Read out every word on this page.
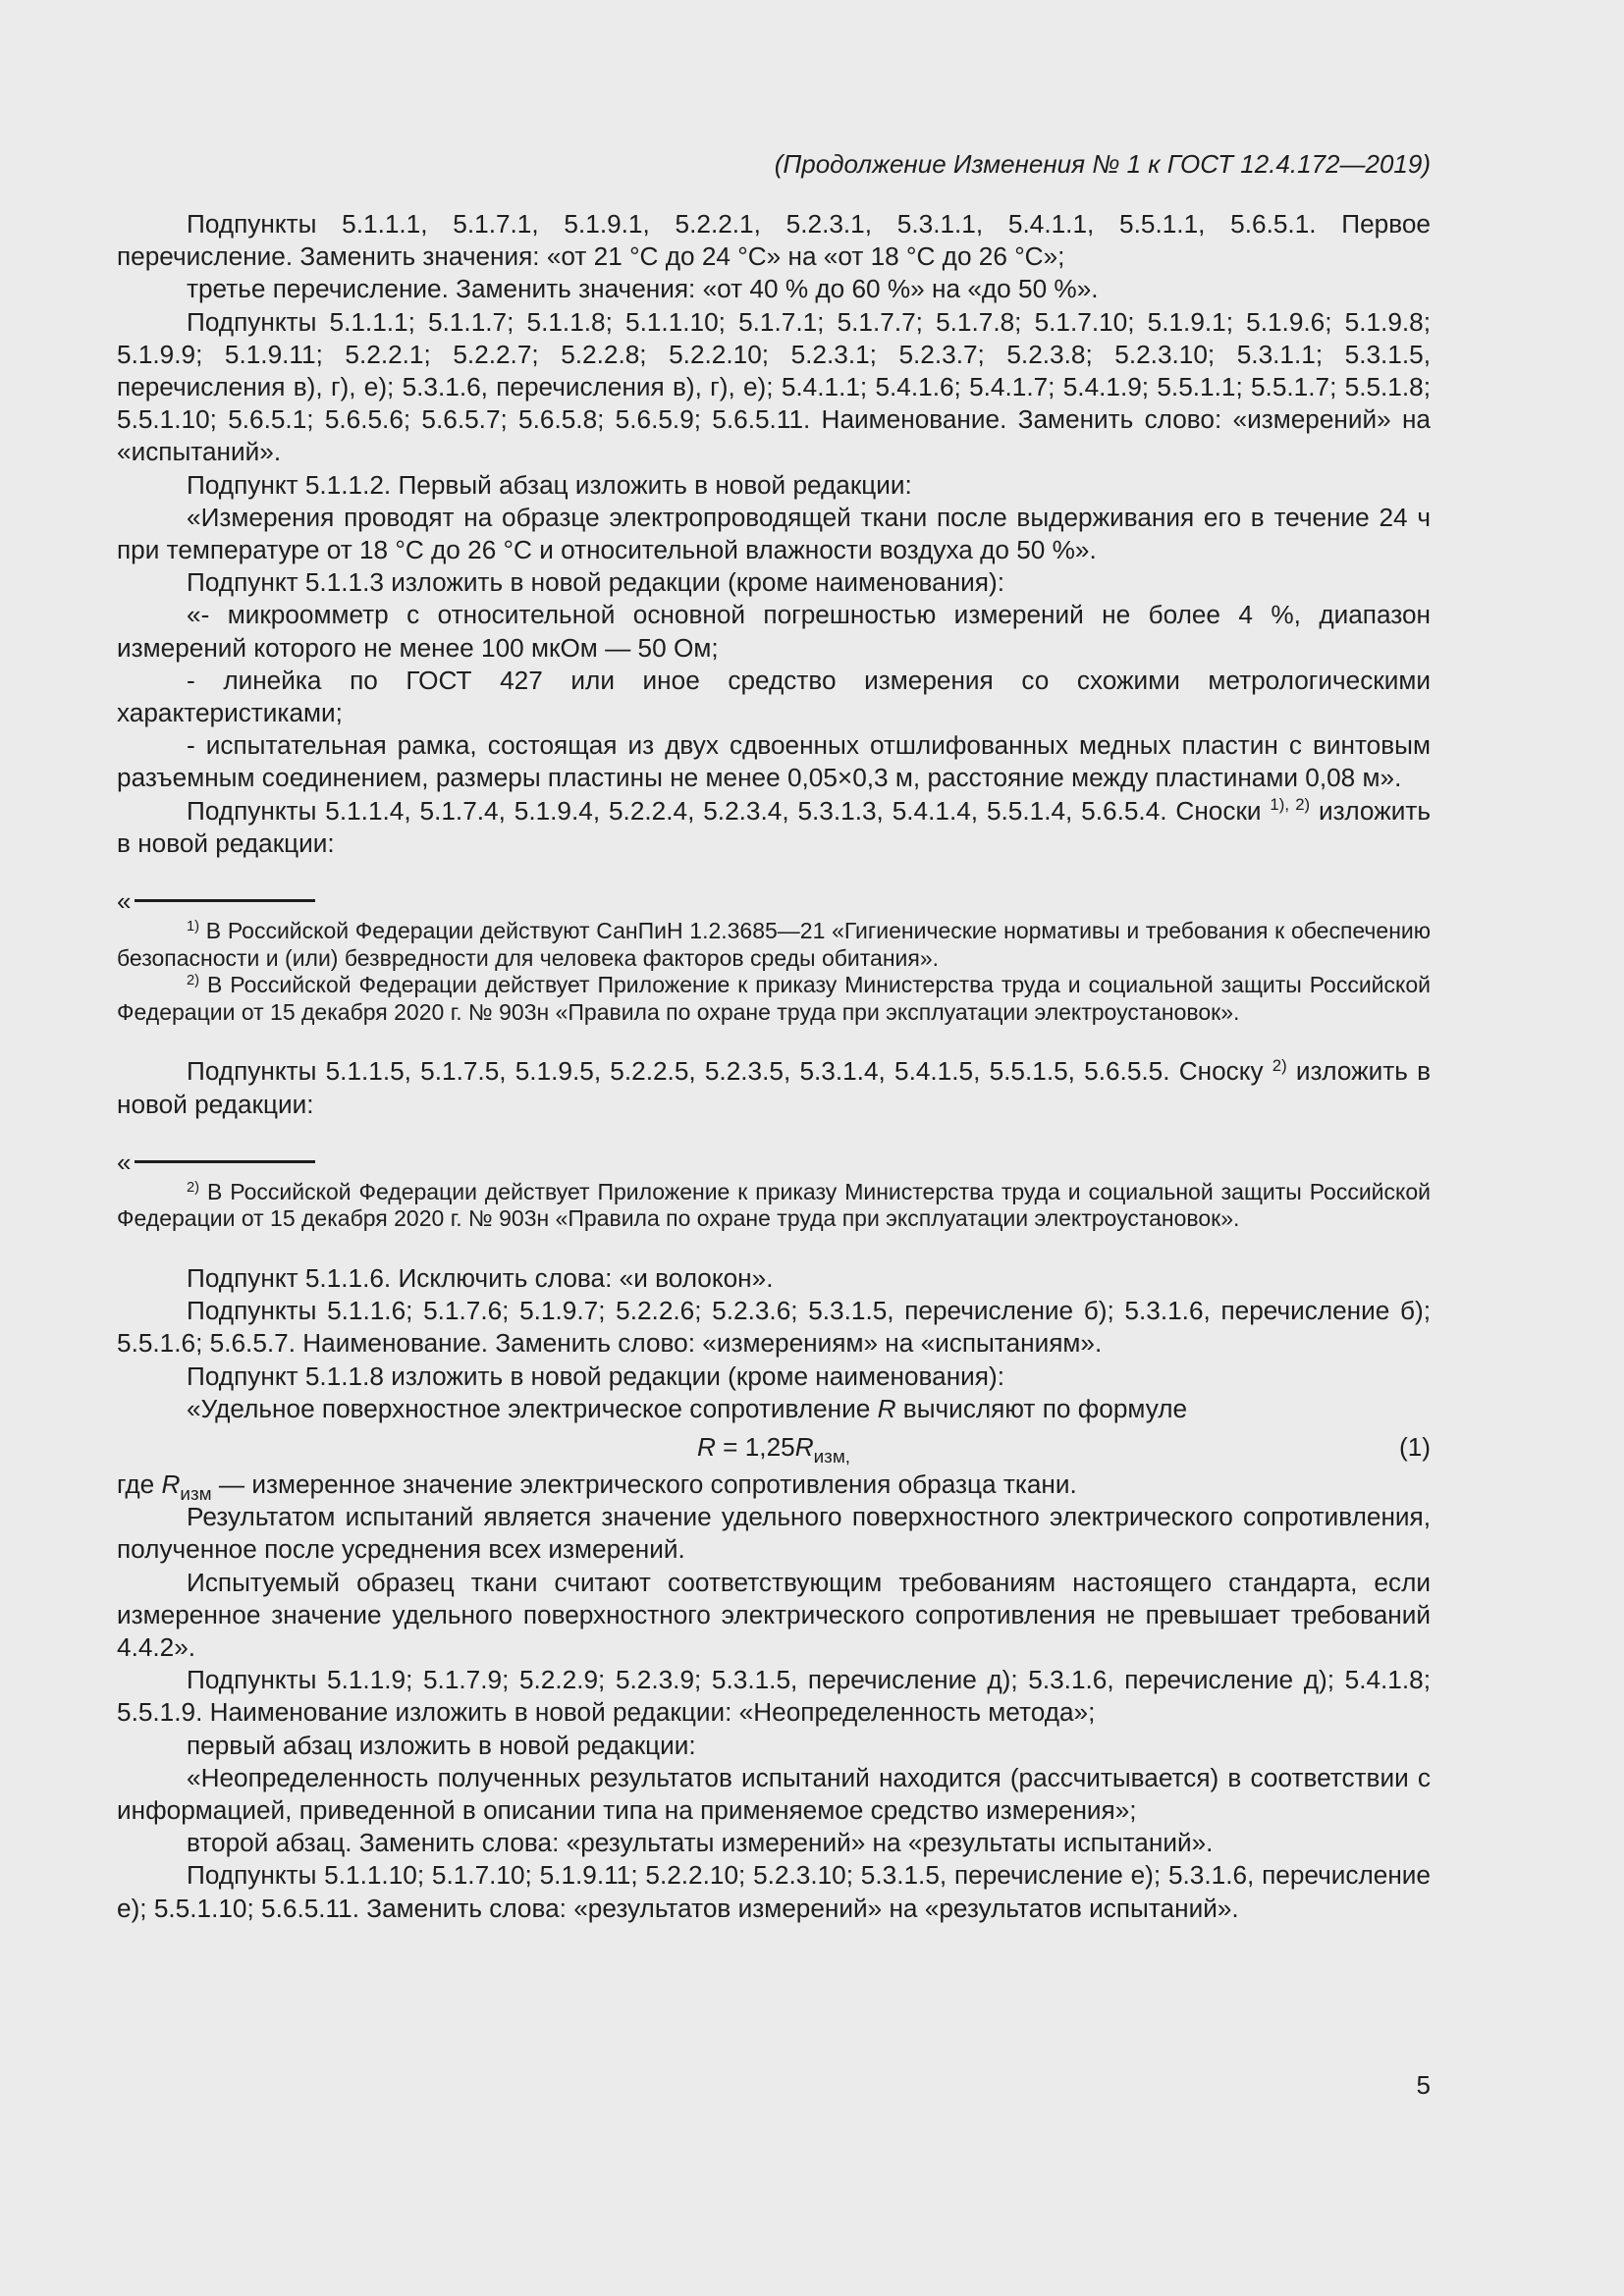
(Продолжение Изменения № 1 к ГОСТ 12.4.172—2019)

Подпункты 5.1.1.1, 5.1.7.1, 5.1.9.1, 5.2.2.1, 5.2.3.1, 5.3.1.1, 5.4.1.1, 5.5.1.1, 5.6.5.1. Первое перечисление. Заменить значения: «от 21 °С до 24 °С» на «от 18 °С до 26 °С»;

третье перечисление. Заменить значения: «от 40 % до 60 %» на «до 50 %».

Подпункты 5.1.1.1; 5.1.1.7; 5.1.1.8; 5.1.1.10; 5.1.7.1; 5.1.7.7; 5.1.7.8; 5.1.7.10; 5.1.9.1; 5.1.9.6; 5.1.9.8; 5.1.9.9; 5.1.9.11; 5.2.2.1; 5.2.2.7; 5.2.2.8; 5.2.2.10; 5.2.3.1; 5.2.3.7; 5.2.3.8; 5.2.3.10; 5.3.1.1; 5.3.1.5, перечисления в), г), е); 5.3.1.6, перечисления в), г), е); 5.4.1.1; 5.4.1.6; 5.4.1.7; 5.4.1.9; 5.5.1.1; 5.5.1.7; 5.5.1.8; 5.5.1.10; 5.6.5.1; 5.6.5.6; 5.6.5.7; 5.6.5.8; 5.6.5.9; 5.6.5.11. Наименование. Заменить слово: «измерений» на «испытаний».

Подпункт 5.1.1.2. Первый абзац изложить в новой редакции:

«Измерения проводят на образце электропроводящей ткани после выдерживания его в течение 24 ч при температуре от 18 °С до 26 °С и относительной влажности воздуха до 50 %».

Подпункт 5.1.1.3 изложить в новой редакции (кроме наименования):

«- микроомметр с относительной основной погрешностью измерений не более 4 %, диапазон измерений которого не менее 100 мкОм — 50 Ом;

- линейка по ГОСТ 427 или иное средство измерения со схожими метрологическими характеристиками;

- испытательная рамка, состоящая из двух сдвоенных отшлифованных медных пластин с винтовым разъемным соединением, размеры пластины не менее 0,05×0,3 м, расстояние между пластинами 0,08 м».

Подпункты 5.1.1.4, 5.1.7.4, 5.1.9.4, 5.2.2.4, 5.2.3.4, 5.3.1.3, 5.4.1.4, 5.5.1.4, 5.6.5.4. Сноски $^{1), 2)}$ изложить в новой редакции:

«

$^{1)}$ В Российской Федерации действуют СанПиН 1.2.3685—21 «Гигиенические нормативы и требования к обеспечению безопасности и (или) безвредности для человека факторов среды обитания».

$^{2)}$ В Российской Федерации действует Приложение к приказу Министерства труда и социальной защиты Российской Федерации от 15 декабря 2020 г. № 903н «Правила по охране труда при эксплуатации электроустановок».

Подпункты 5.1.1.5, 5.1.7.5, 5.1.9.5, 5.2.2.5, 5.2.3.5, 5.3.1.4, 5.4.1.5, 5.5.1.5, 5.6.5.5. Сноску $^{2)}$ изложить в новой редакции:

«

$^{2)}$ В Российской Федерации действует Приложение к приказу Министерства труда и социальной защиты Российской Федерации от 15 декабря 2020 г. № 903н «Правила по охране труда при эксплуатации электроустановок».

Подпункт 5.1.1.6. Исключить слова: «и волокон».

Подпункты 5.1.1.6; 5.1.7.6; 5.1.9.7; 5.2.2.6; 5.2.3.6; 5.3.1.5, перечисление б); 5.3.1.6, перечисление б); 5.5.1.6; 5.6.5.7. Наименование. Заменить слово: «измерениям» на «испытаниям».

Подпункт 5.1.1.8 изложить в новой редакции (кроме наименования):

«Удельное поверхностное электрическое сопротивление R вычисляют по формуле

$R = 1,25R_{изм,}$	(1)

где $R_{изм}$ — измеренное значение электрического сопротивления образца ткани.

Результатом испытаний является значение удельного поверхностного электрического сопротивления, полученное после усреднения всех измерений.

Испытуемый образец ткани считают соответствующим требованиям настоящего стандарта, если измеренное значение удельного поверхностного электрического сопротивления не превышает требований 4.4.2».

Подпункты 5.1.1.9; 5.1.7.9; 5.2.2.9; 5.2.3.9; 5.3.1.5, перечисление д); 5.3.1.6, перечисление д); 5.4.1.8; 5.5.1.9. Наименование изложить в новой редакции: «Неопределенность метода»;

первый абзац изложить в новой редакции:

«Неопределенность полученных результатов испытаний находится (рассчитывается) в соответствии с информацией, приведенной в описании типа на применяемое средство измерения»;

второй абзац. Заменить слова: «результаты измерений» на «результаты испытаний».

Подпункты 5.1.1.10; 5.1.7.10; 5.1.9.11; 5.2.2.10; 5.2.3.10; 5.3.1.5, перечисление е); 5.3.1.6, перечисление е); 5.5.1.10; 5.6.5.11. Заменить слова: «результатов измерений» на «результатов испытаний».

5
